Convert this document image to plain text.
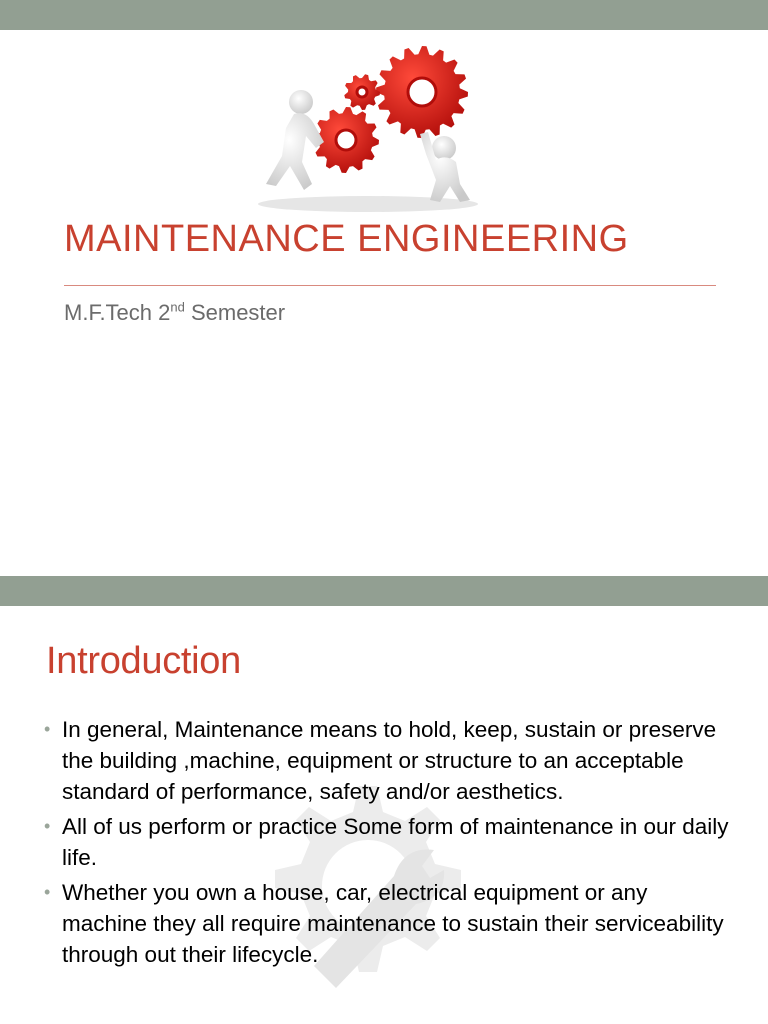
MAINTENANCE ENGINEERING
M.F.Tech 2nd Semester
Introduction
• In general, Maintenance means to hold, keep, sustain or preserve the building ,machine, equipment or structure to an acceptable standard of performance, safety and/or aesthetics.
• All of us perform or practice Some form of maintenance in our daily life.
• Whether you own a house, car, electrical equipment or any machine they all require maintenance to sustain their serviceability through out their lifecycle.
